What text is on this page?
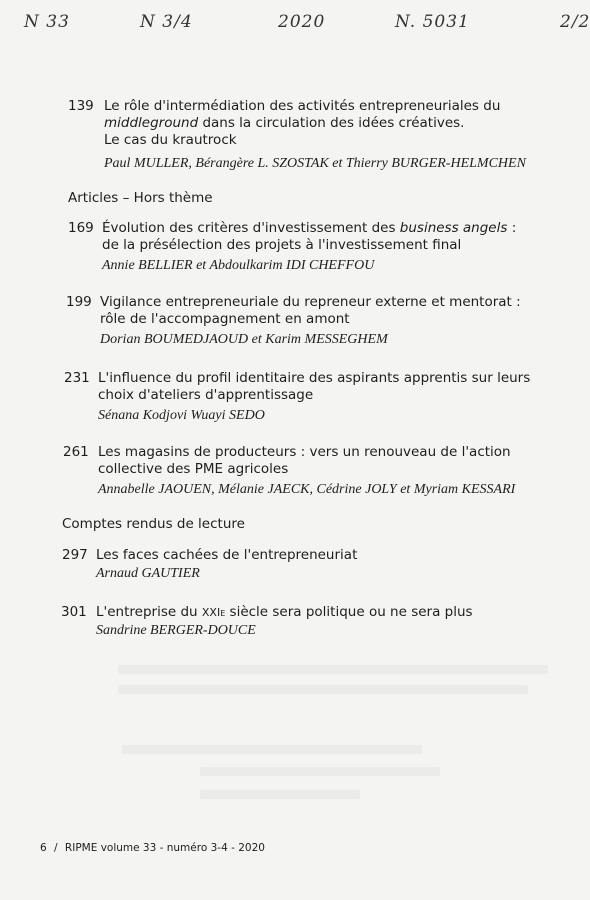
N 33	N 3/4	2020	N. 5031	2/2
139 Le rôle d'intermédiation des activités entrepreneuriales du
middleground dans la circulation des idées créatives.
Le cas du krautrock
Paul MULLER, Bérangère L. SZOSTAK et Thierry BURGER-HELMCHEN
Articles – Hors thème
169 Évolution des critères d'investissement des business angels :
de la présélection des projets à l'investissement final
Annie BELLIER et Abdoulkarim IDI CHEFFOU
199 Vigilance entrepreneuriale du repreneur externe et mentorat :
rôle de l'accompagnement en amont
Dorian BOUMEDJAOUD et Karim MESSEGHEM
231 L'influence du profil identitaire des aspirants apprentis sur leurs
choix d'ateliers d'apprentissage
Sénana Kodjovi Wuayi SEDO
261 Les magasins de producteurs : vers un renouveau de l'action
collective des PME agricoles
Annabelle JAOUEN, Mélanie JAECK, Cédrine JOLY et Myriam KESSARI
Comptes rendus de lecture
297 Les faces cachées de l'entrepreneuriat
Arnaud GAUTIER
301 L'entreprise du XXIe siècle sera politique ou ne sera plus
Sandrine BERGER-DOUCE
6 / RIPME volume 33 - numéro 3-4 - 2020
